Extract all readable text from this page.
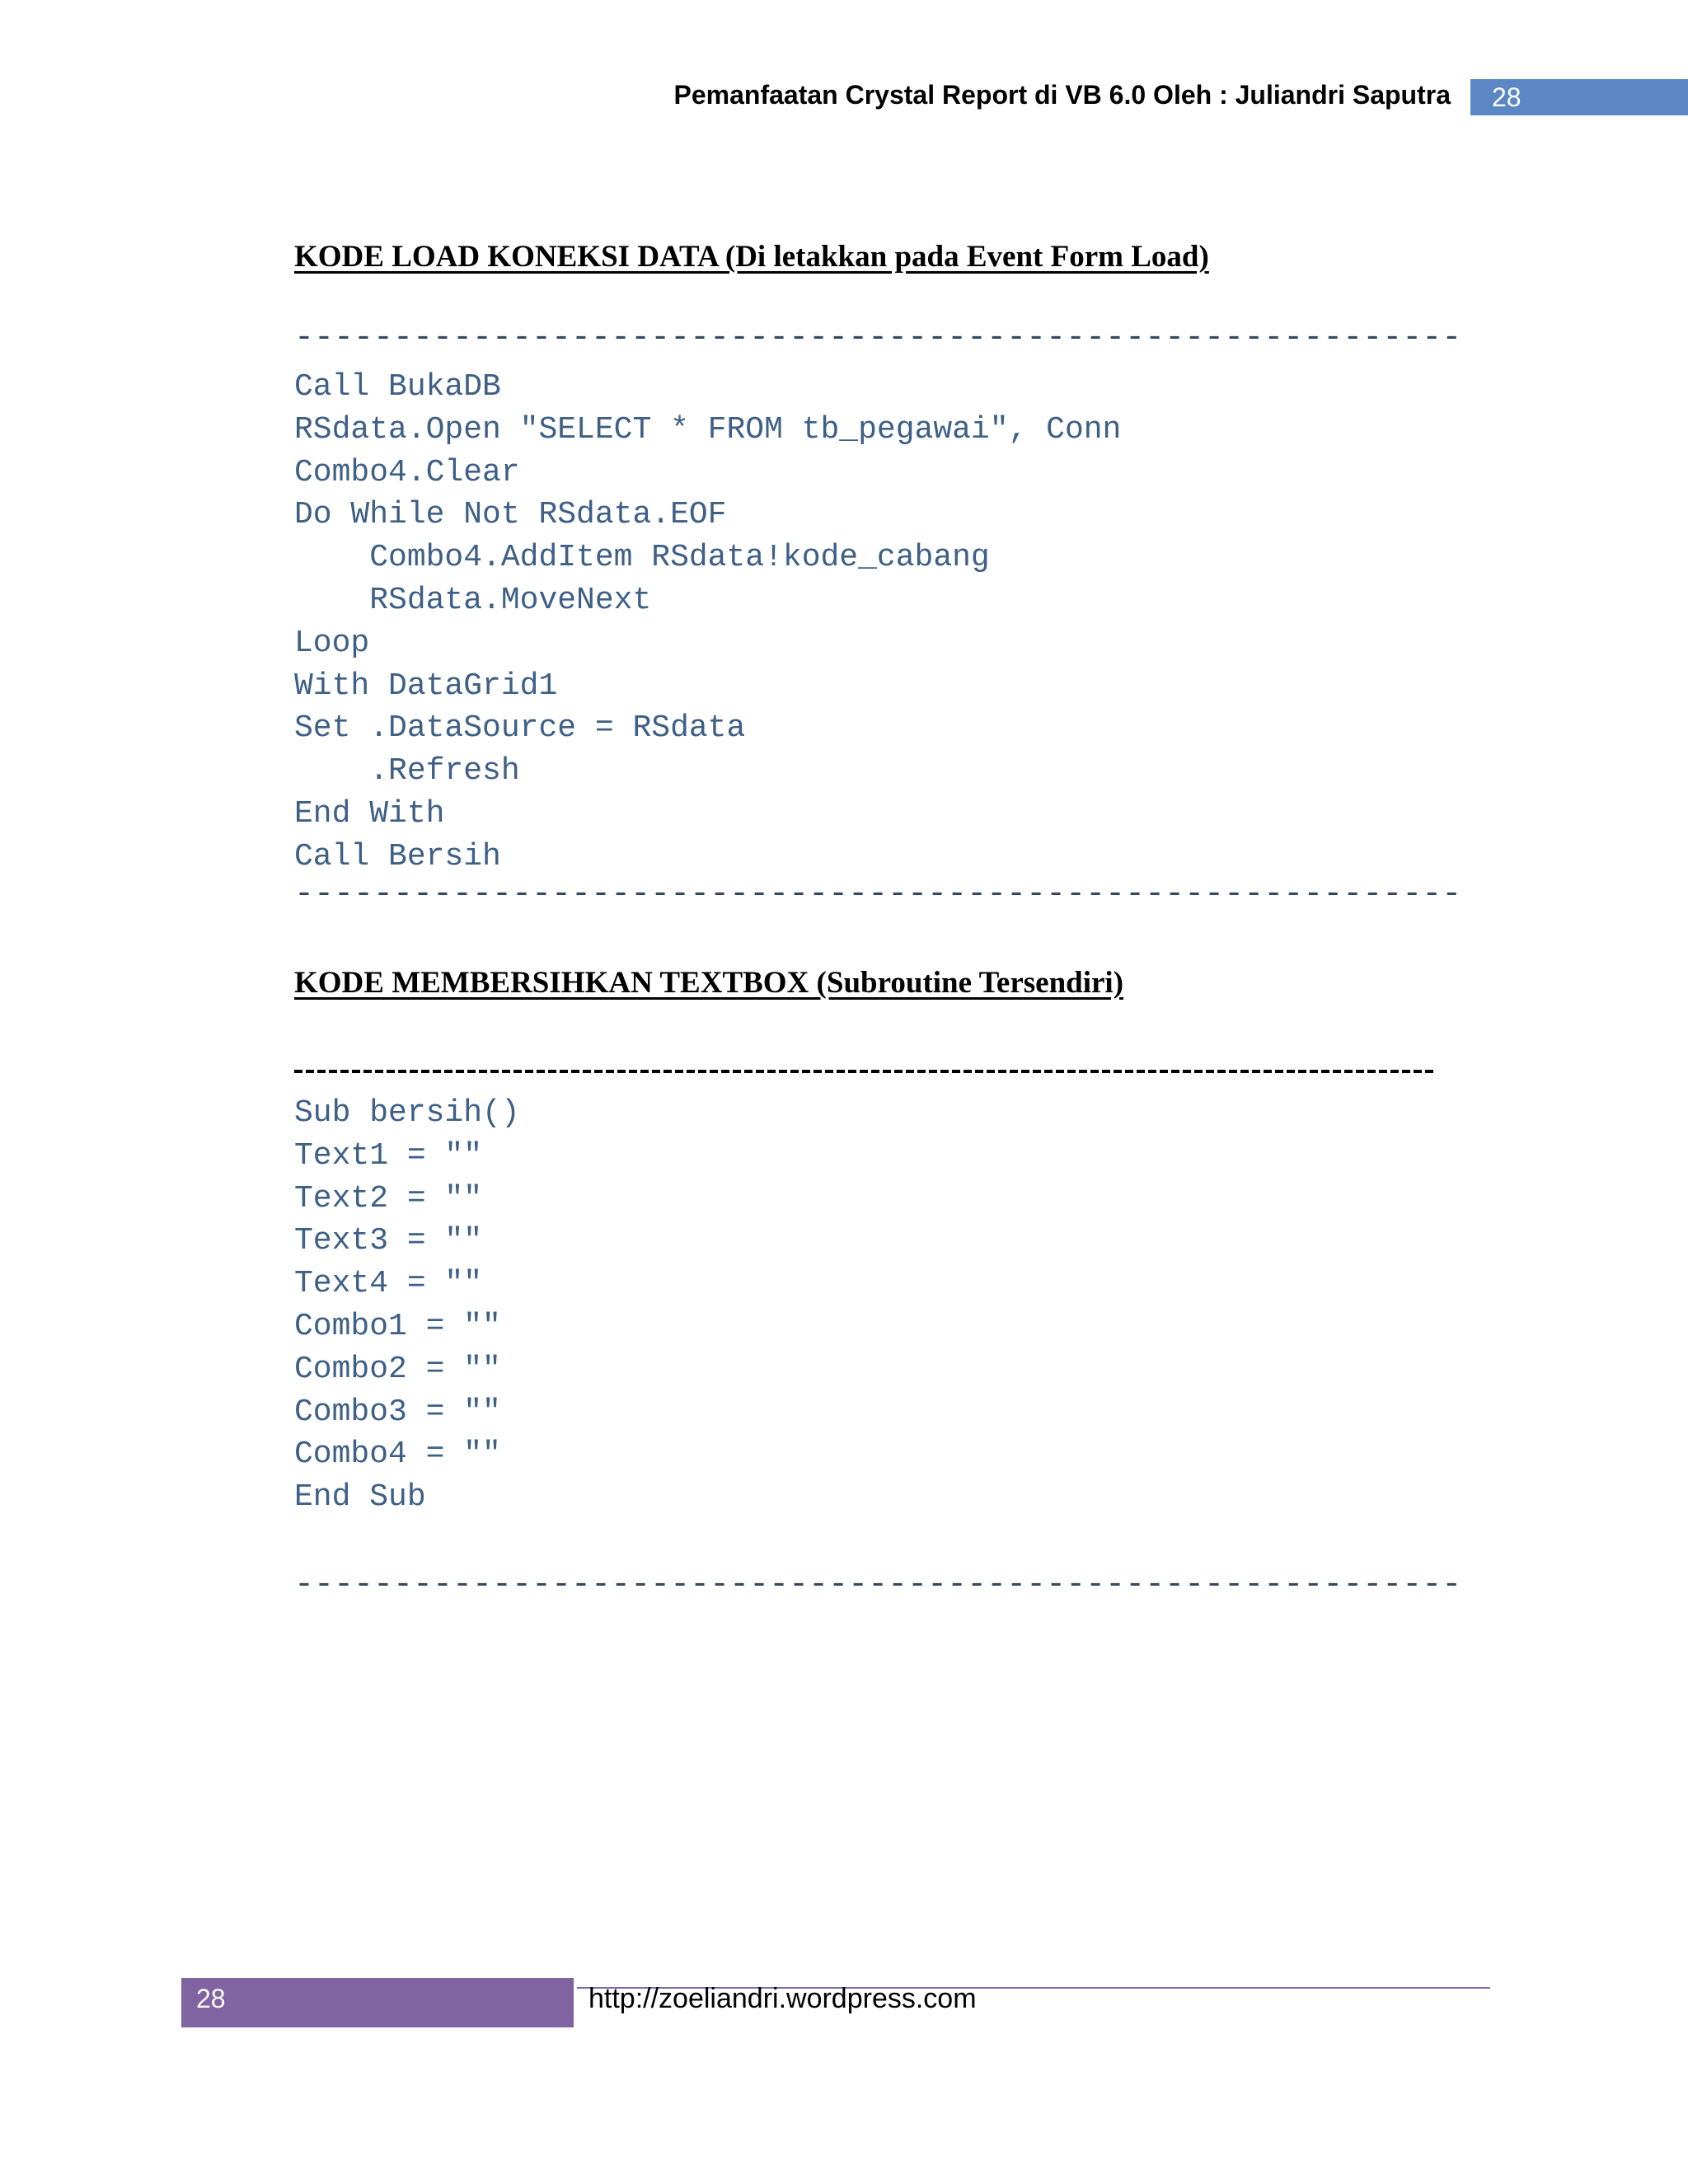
Pemanfaatan Crystal Report di VB 6.0 Oleh : Juliandri Saputra	28
KODE LOAD KONEKSI DATA (Di letakkan pada Event Form Load)
-----------------------------------------------------------
Call BukaDB
RSdata.Open "SELECT * FROM tb_pegawai", Conn
Combo4.Clear
Do While Not RSdata.EOF
Combo4.AddItem RSdata!kode_cabang
RSdata.MoveNext
Loop
With DataGrid1
Set .DataSource = RSdata
.Refresh
End With
Call Bersih
-----------------------------------------------------------
KODE MEMBERSIHKAN TEXTBOX (Subroutine Tersendiri)
Sub bersih()
Text1 = ""
Text2 = ""
Text3 = ""
Text4 = ""
Combo1 = ""
Combo2 = ""
Combo3 = ""
Combo4 = ""
End Sub
-----------------------------------------------------------
28	http://zoeliandri.wordpress.com
